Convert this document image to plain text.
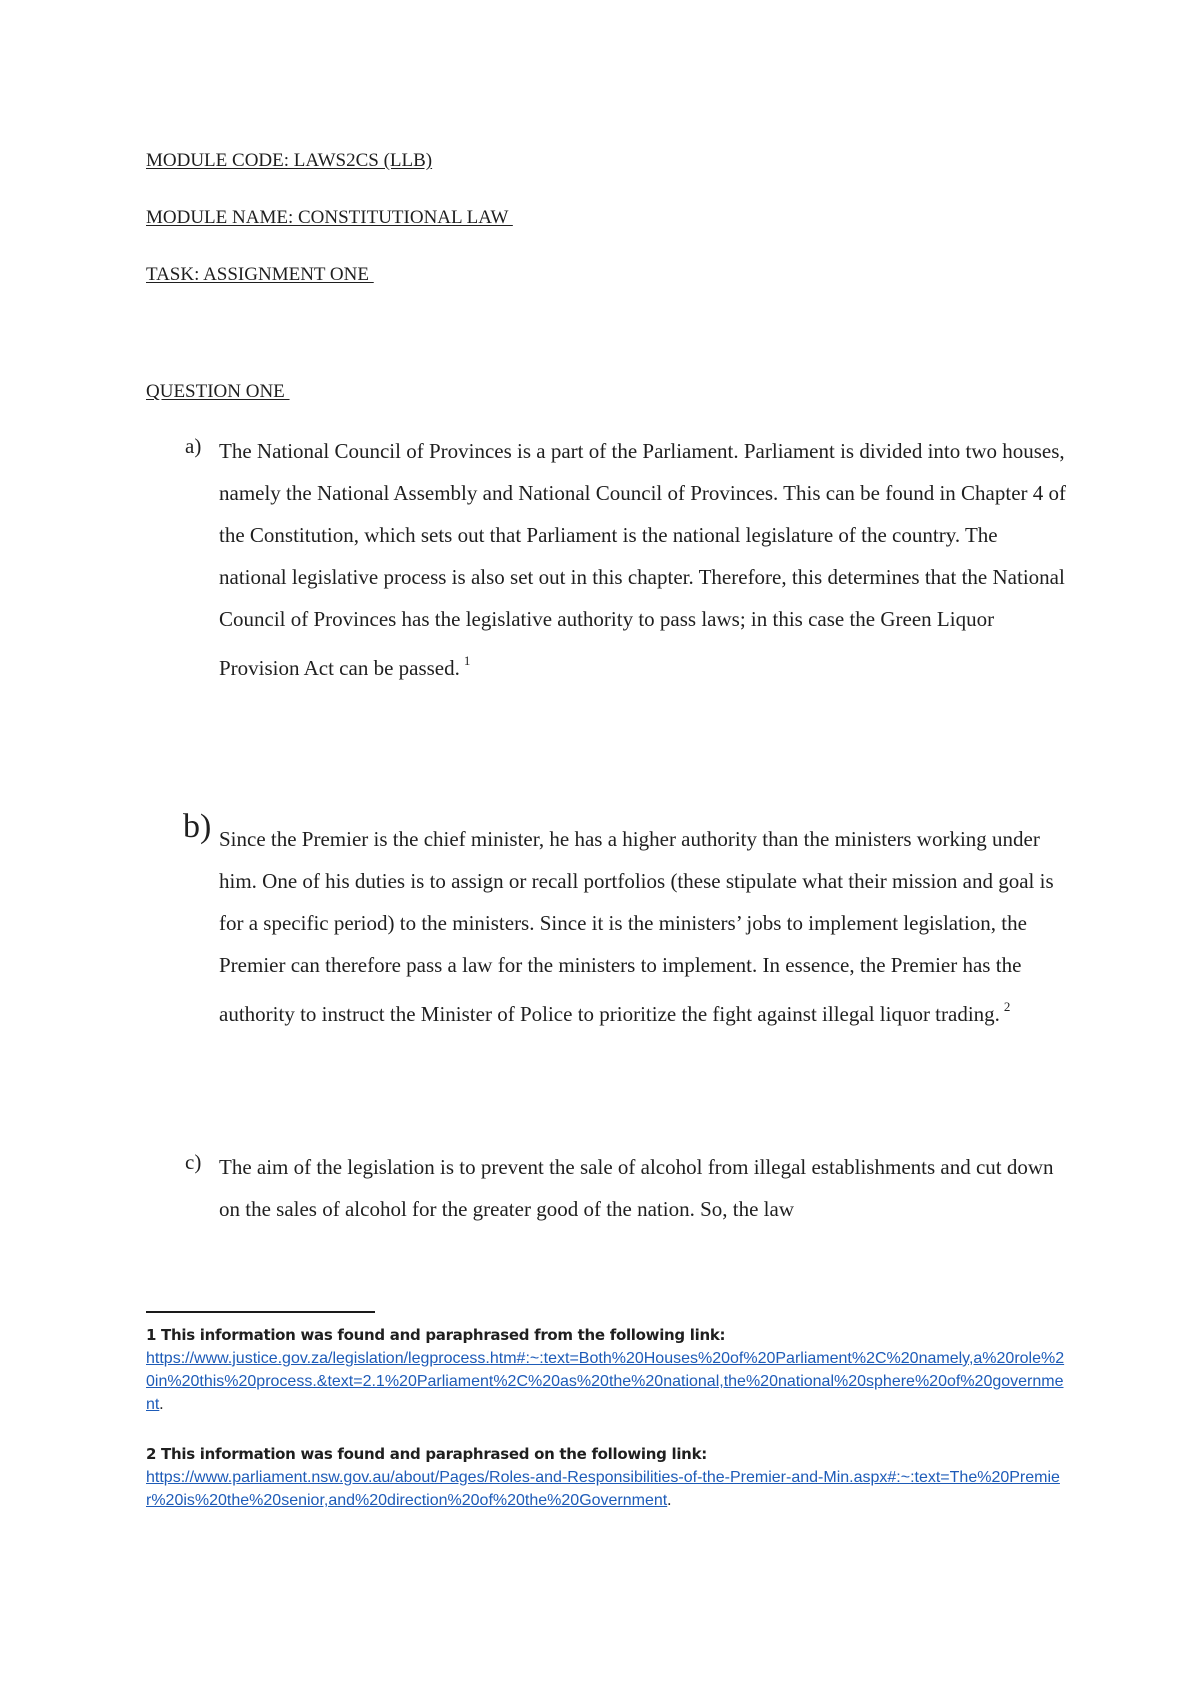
MODULE CODE: LAWS2CS (LLB)
MODULE NAME: CONSTITUTIONAL LAW
TASK: ASSIGNMENT ONE
QUESTION ONE
a) The National Council of Provinces is a part of the Parliament. Parliament is divided into two houses, namely the National Assembly and National Council of Provinces. This can be found in Chapter 4 of the Constitution, which sets out that Parliament is the national legislature of the country. The national legislative process is also set out in this chapter. Therefore, this determines that the National Council of Provinces has the legislative authority to pass laws; in this case the Green Liquor Provision Act can be passed. $^1$

b) Since the Premier is the chief minister, he has a higher authority than the ministers working under him. One of his duties is to assign or recall portfolios (these stipulate what their mission and goal is for a specific period) to the ministers. Since it is the ministers’ jobs to implement legislation, the Premier can therefore pass a law for the ministers to implement. In essence, the Premier has the authority to instruct the Minister of Police to prioritize the fight against illegal liquor trading. $^2$

c) The aim of the legislation is to prevent the sale of alcohol from illegal establishments and cut down on the sales of alcohol for the greater good of the nation. So, the law

1 This information was found and paraphrased from the following link:
https://www.justice.gov.za/legislation/legprocess.htm#:~:text=Both%20Houses%20of%20Parliament%2C%20namely,a%20role%20in%20this%20process.&text=2.1%20Parliament%2C%20as%20the%20national,the%20national%20sphere%20of%20government.
2 This information was found and paraphrased on the following link:
https://www.parliament.nsw.gov.au/about/Pages/Roles-and-Responsibilities-of-the-Premier-and-Min.aspx#:~:text=The%20Premier%20is%20the%20senior,and%20direction%20of%20the%20Government.
